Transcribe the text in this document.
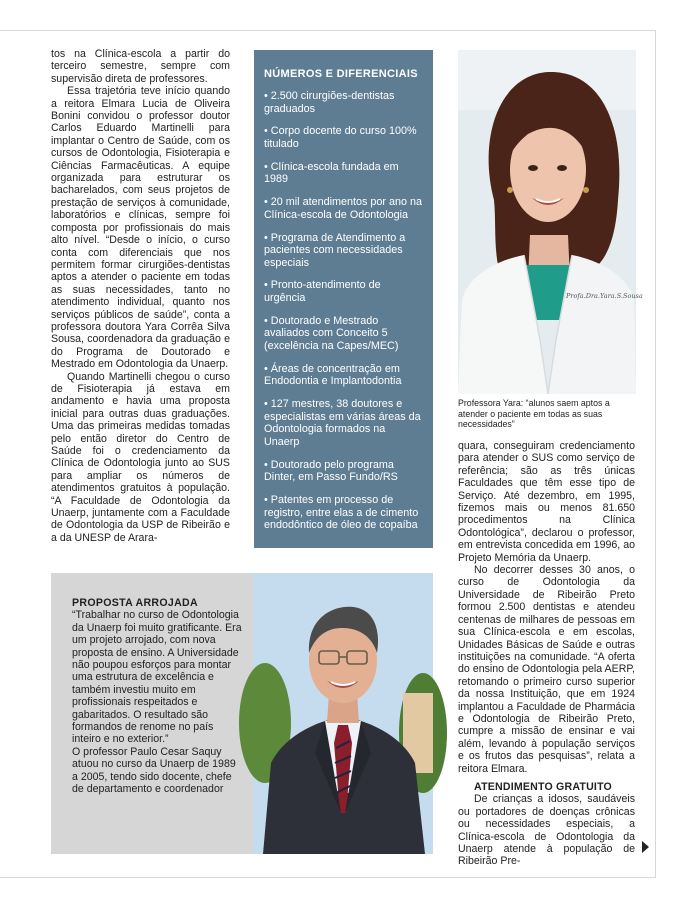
tos na Clínica-escola a partir do terceiro semestre, sempre com supervisão direta de professores.

Essa trajetória teve início quando a reitora Elmara Lucia de Oliveira Bonini convidou o professor doutor Carlos Eduardo Martinelli para implantar o Centro de Saúde, com os cursos de Odontologia, Fisioterapia e Ciências Farmacêuticas. A equipe organizada para estruturar os bacharelados, com seus projetos de prestação de serviços à comunidade, laboratórios e clínicas, sempre foi composta por profissionais do mais alto nível. “Desde o início, o curso conta com diferenciais que nos permitem formar cirurgiões-dentistas aptos a atender o paciente em todas as suas necessidades, tanto no atendimento individual, quanto nos serviços públicos de saúde”, conta a professora doutora Yara Corrêa Silva Sousa, coordenadora da graduação e do Programa de Doutorado e Mestrado em Odontologia da Unaerp.

Quando Martinelli chegou o curso de Fisioterapia já estava em andamento e havia uma proposta inicial para outras duas graduações. Uma das primeiras medidas tomadas pelo então diretor do Centro de Saúde foi o credenciamento da Clínica de Odontologia junto ao SUS para ampliar os números de atendimentos gratuitos à população. “A Faculdade de Odontologia da Unaerp, juntamente com a Faculdade de Odontologia da USP de Ribeirão e a da UNESP de Arara-

NÚMEROS E DIFERENCIAIS
• 2.500 cirurgiões-dentistas graduados
• Corpo docente do curso 100% titulado
• Clínica-escola fundada em 1989
• 20 mil atendimentos por ano na Clínica-escola de Odontologia
• Programa de Atendimento a pacientes com necessidades especiais
• Pronto-atendimento de urgência
• Doutorado e Mestrado avaliados com Conceito 5 (excelência na Capes/MEC)
• Áreas de concentração em Endodontia e Implantodontia
• 127 mestres, 38 doutores e especialistas em várias áreas da Odontologia formados na Unaerp
• Doutorado pelo programa Dinter, em Passo Fundo/RS
• Patentes em processo de registro, entre elas a de cimento endodôntico de óleo de copaíba
Profa.Dra.Yara.S.Sousa
Professora Yara: “alunos saem aptos a atender o paciente em todas as suas necessidades”

quara, conseguiram credenciamento para atender o SUS como serviço de referência; são as três únicas Faculdades que têm esse tipo de Serviço. Até dezembro, em 1995, fizemos mais ou menos 81.650 procedimentos na Clínica Odontológica”, declarou o professor, em entrevista concedida em 1996, ao Projeto Memória da Unaerp.

No decorrer desses 30 anos, o curso de Odontologia da Universidade de Ribeirão Preto formou 2.500 dentistas e atendeu centenas de milhares de pessoas em sua Clínica-escola e em escolas, Unidades Básicas de Saúde e outras instituições na comunidade. “A oferta do ensino de Odontologia pela AERP, retomando o primeiro curso superior da nossa Instituição, que em 1924 implantou a Faculdade de Pharmácia e Odontologia de Ribeirão Preto, cumpre a missão de ensinar e vai além, levando à população serviços e os frutos das pesquisas”, relata a reitora Elmara.

ATENDIMENTO GRATUITO

De crianças a idosos, saudáveis ou portadores de doenças crônicas ou necessidades especiais, a Clínica-escola de Odontologia da Unaerp atende à população de Ribeirão Pre-

PROPOSTA ARROJADA

“Trabalhar no curso de Odontologia da Unaerp foi muito gratificante. Era um projeto arrojado, com nova proposta de ensino. A Universidade não poupou esforços para montar uma estrutura de excelência e também investiu muito em profissionais respeitados e gabaritados. O resultado são formandos de renome no país inteiro e no exterior.”

O professor Paulo Cesar Saquy atuou no curso da Unaerp de 1989 a 2005, tendo sido docente, chefe de departamento e coordenador
